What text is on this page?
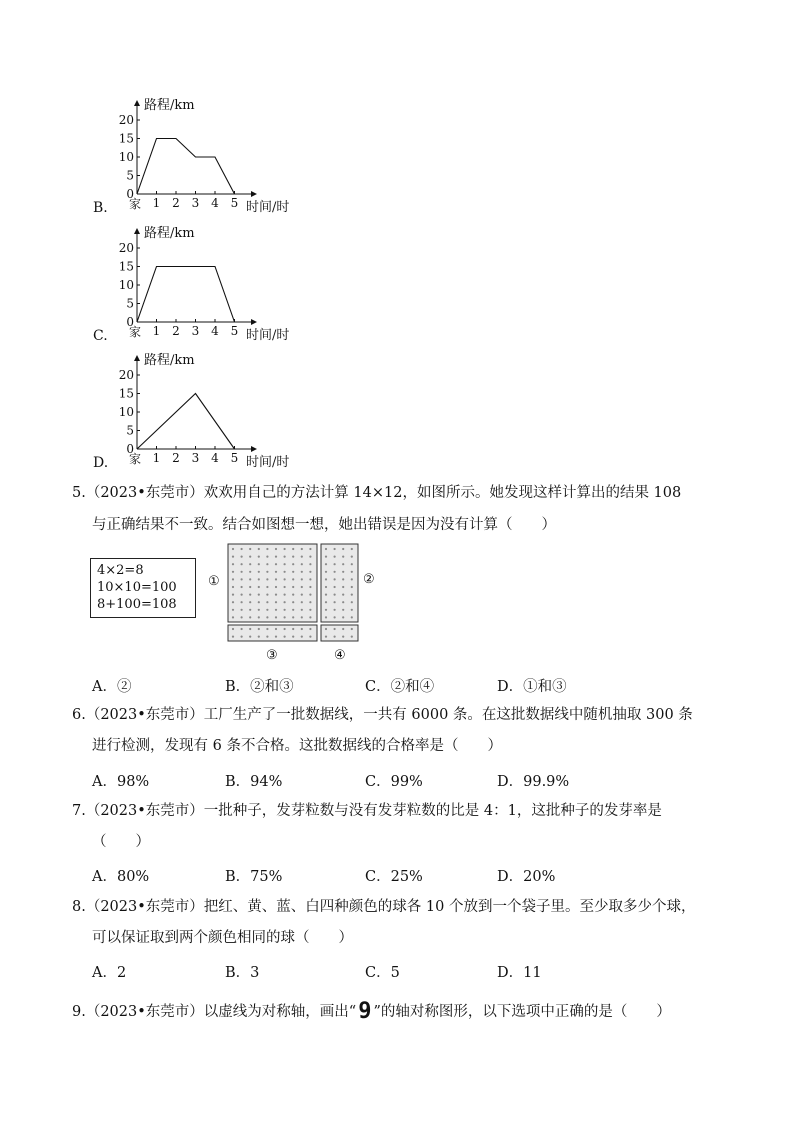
B.
20
15
10
5
0
1 2 3 4 5
家
路程/km
时间/时
C.
20
15
10
5
0
1 2 3 4 5
家
路程/km
时间/时
D.
20
15
10
5
0
1 2 3 4 5
家
路程/km
时间/时
5.（2023•东莞市）欢欢用自己的方法计算 14×12，如图所示。她发现这样计算出的结果 108
与正确结果不一致。结合如图想一想，她出错误是因为没有计算（　　）
4×2=8
10×10=100
8+100=108
①	②
③	④
A．②	B．②和③	C．②和④	D．①和③
6.（2023•东莞市）工厂生产了一批数据线，一共有 6000 条。在这批数据线中随机抽取 300 条
进行检测，发现有 6 条不合格。这批数据线的合格率是（　　）
A．98%	B．94%	C．99%	D．99.9%
7.（2023•东莞市）一批种子，发芽粒数与没有发芽粒数的比是 4：1，这批种子的发芽率是
（　　）
A．80%	B．75%	C．25%	D．20%
8.（2023•东莞市）把红、黄、蓝、白四种颜色的球各 10 个放到一个袋子里。至少取多少个球，
可以保证取到两个颜色相同的球（　　）
A．2	B．3	C．5	D．11
9.（2023•东莞市）以虚线为对称轴，画出“9 ”的轴对称图形，以下选项中正确的是（　　）
